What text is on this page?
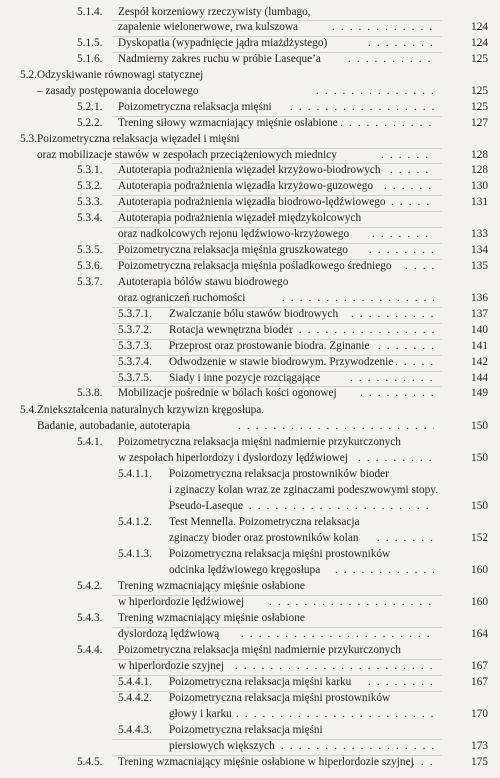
5.1.4. Zespół korzeniowy rzeczywisty (lumbago,
zapalenie wielonerwowe, rwa kulszowa . . .	124
5.1.5. Dyskopatia (wypadnięcie jądra miażdżystego) . . .	124
5.1.6. Nadmierny zakres ruchu w próbie Laseque’a . . .	125
5.2. Odzyskiwanie równowagi statycznej
– zasady postępowania docelowego . . .	125
5.2.1. Poizometryczna relaksacja mięśni . . .	125
5.2.2. Trening siłowy wzmacniający mięśnie osłabione . . .	127
5.3. Poizometryczna relaksacja więzadeł i mięśni
oraz mobilizacje stawów w zespołach przeciążeniowych miednicy . . .	128
5.3.1. Autoterapia podrażnienia więzadeł krzyżowo-biodrowych . . .	128
5.3.2. Autoterapia podrażnienia więzadła krzyżowo-guzowego . . .	130
5.3.3. Autoterapia podrażnienia więzadła biodrowo-lędźwiowego . . .	131
5.3.4. Autoterapia podrażnienia więzadeł międzykolcowych
oraz nadkolcowych rejonu lędźwiowo-krzyżowego . . .	133
5.3.5. Poizometryczna relaksacja mięśnia gruszkowatego . . .	134
5.3.6. Poizometryczna relaksacja mięśnia pośladkowego średniego . . .	135
5.3.7. Autoterapia bólów stawu biodrowego
oraz ograniczeń ruchomości . . .	136
5.3.7.1. Zwalczanie bólu stawów biodrowych . . .	137
5.3.7.2. Rotacja wewnętrzna bioder . . .	140
5.3.7.3. Przeprost oraz prostowanie biodra. Zginanie . . .	141
5.3.7.4. Odwodzenie w stawie biodrowym. Przywodzenie . . .	142
5.3.7.5. Siady i inne pozycje rozciągające . . .	144
5.3.8. Mobilizacje pośrednie w bólach kości ogonowej . . .	149
5.4. Zniekształcenia naturalnych krzywizn kręgosłupa.
Badanie, autobadanie, autoterapia . . .	150
5.4.1. Poizometryczna relaksacja mięśni nadmiernie przykurczonych
w zespołach hiperlordozy i dyslordozy lędźwiowej . . .	150
5.4.1.1. Poizometryczna relaksacja prostowników bioder
i zginaczy kolan wraz ze zginaczami podeszwowymi stopy.
Pseudo-Laseque . . .	150
5.4.1.2. Test Mennella. Poizometryczna relaksacja
zginaczy bioder oraz prostowników kolan . . .	152
5.4.1.3. Poizometryczna relaksacja mięśni prostowników
odcinka lędźwiowego kręgosłupa . . .	160
5.4.2. Trening wzmacniający mięśnie osłabione
w hiperlordozie lędźwiowej . . .	160
5.4.3. Trening wzmacniający mięśnie osłabione
dyslordozą lędźwiową . . .	164
5.4.4. Poizometryczna relaksacja mięśni nadmiernie przykurczonych
w hiperlordozie szyjnej . . .	167
5.4.4.1. Poizometryczna relaksacja mięśni karku . . .	167
5.4.4.2. Poizometryczna relaksacja mięśni prostowników
głowy i karku . . .	170
5.4.4.3. Poizometryczna relaksacja mięśni
piersiowych większych . . .	173
5.4.5. Trening wzmacniający mięśnie osłabione w hiperlordozie szyjnej . . .	175
